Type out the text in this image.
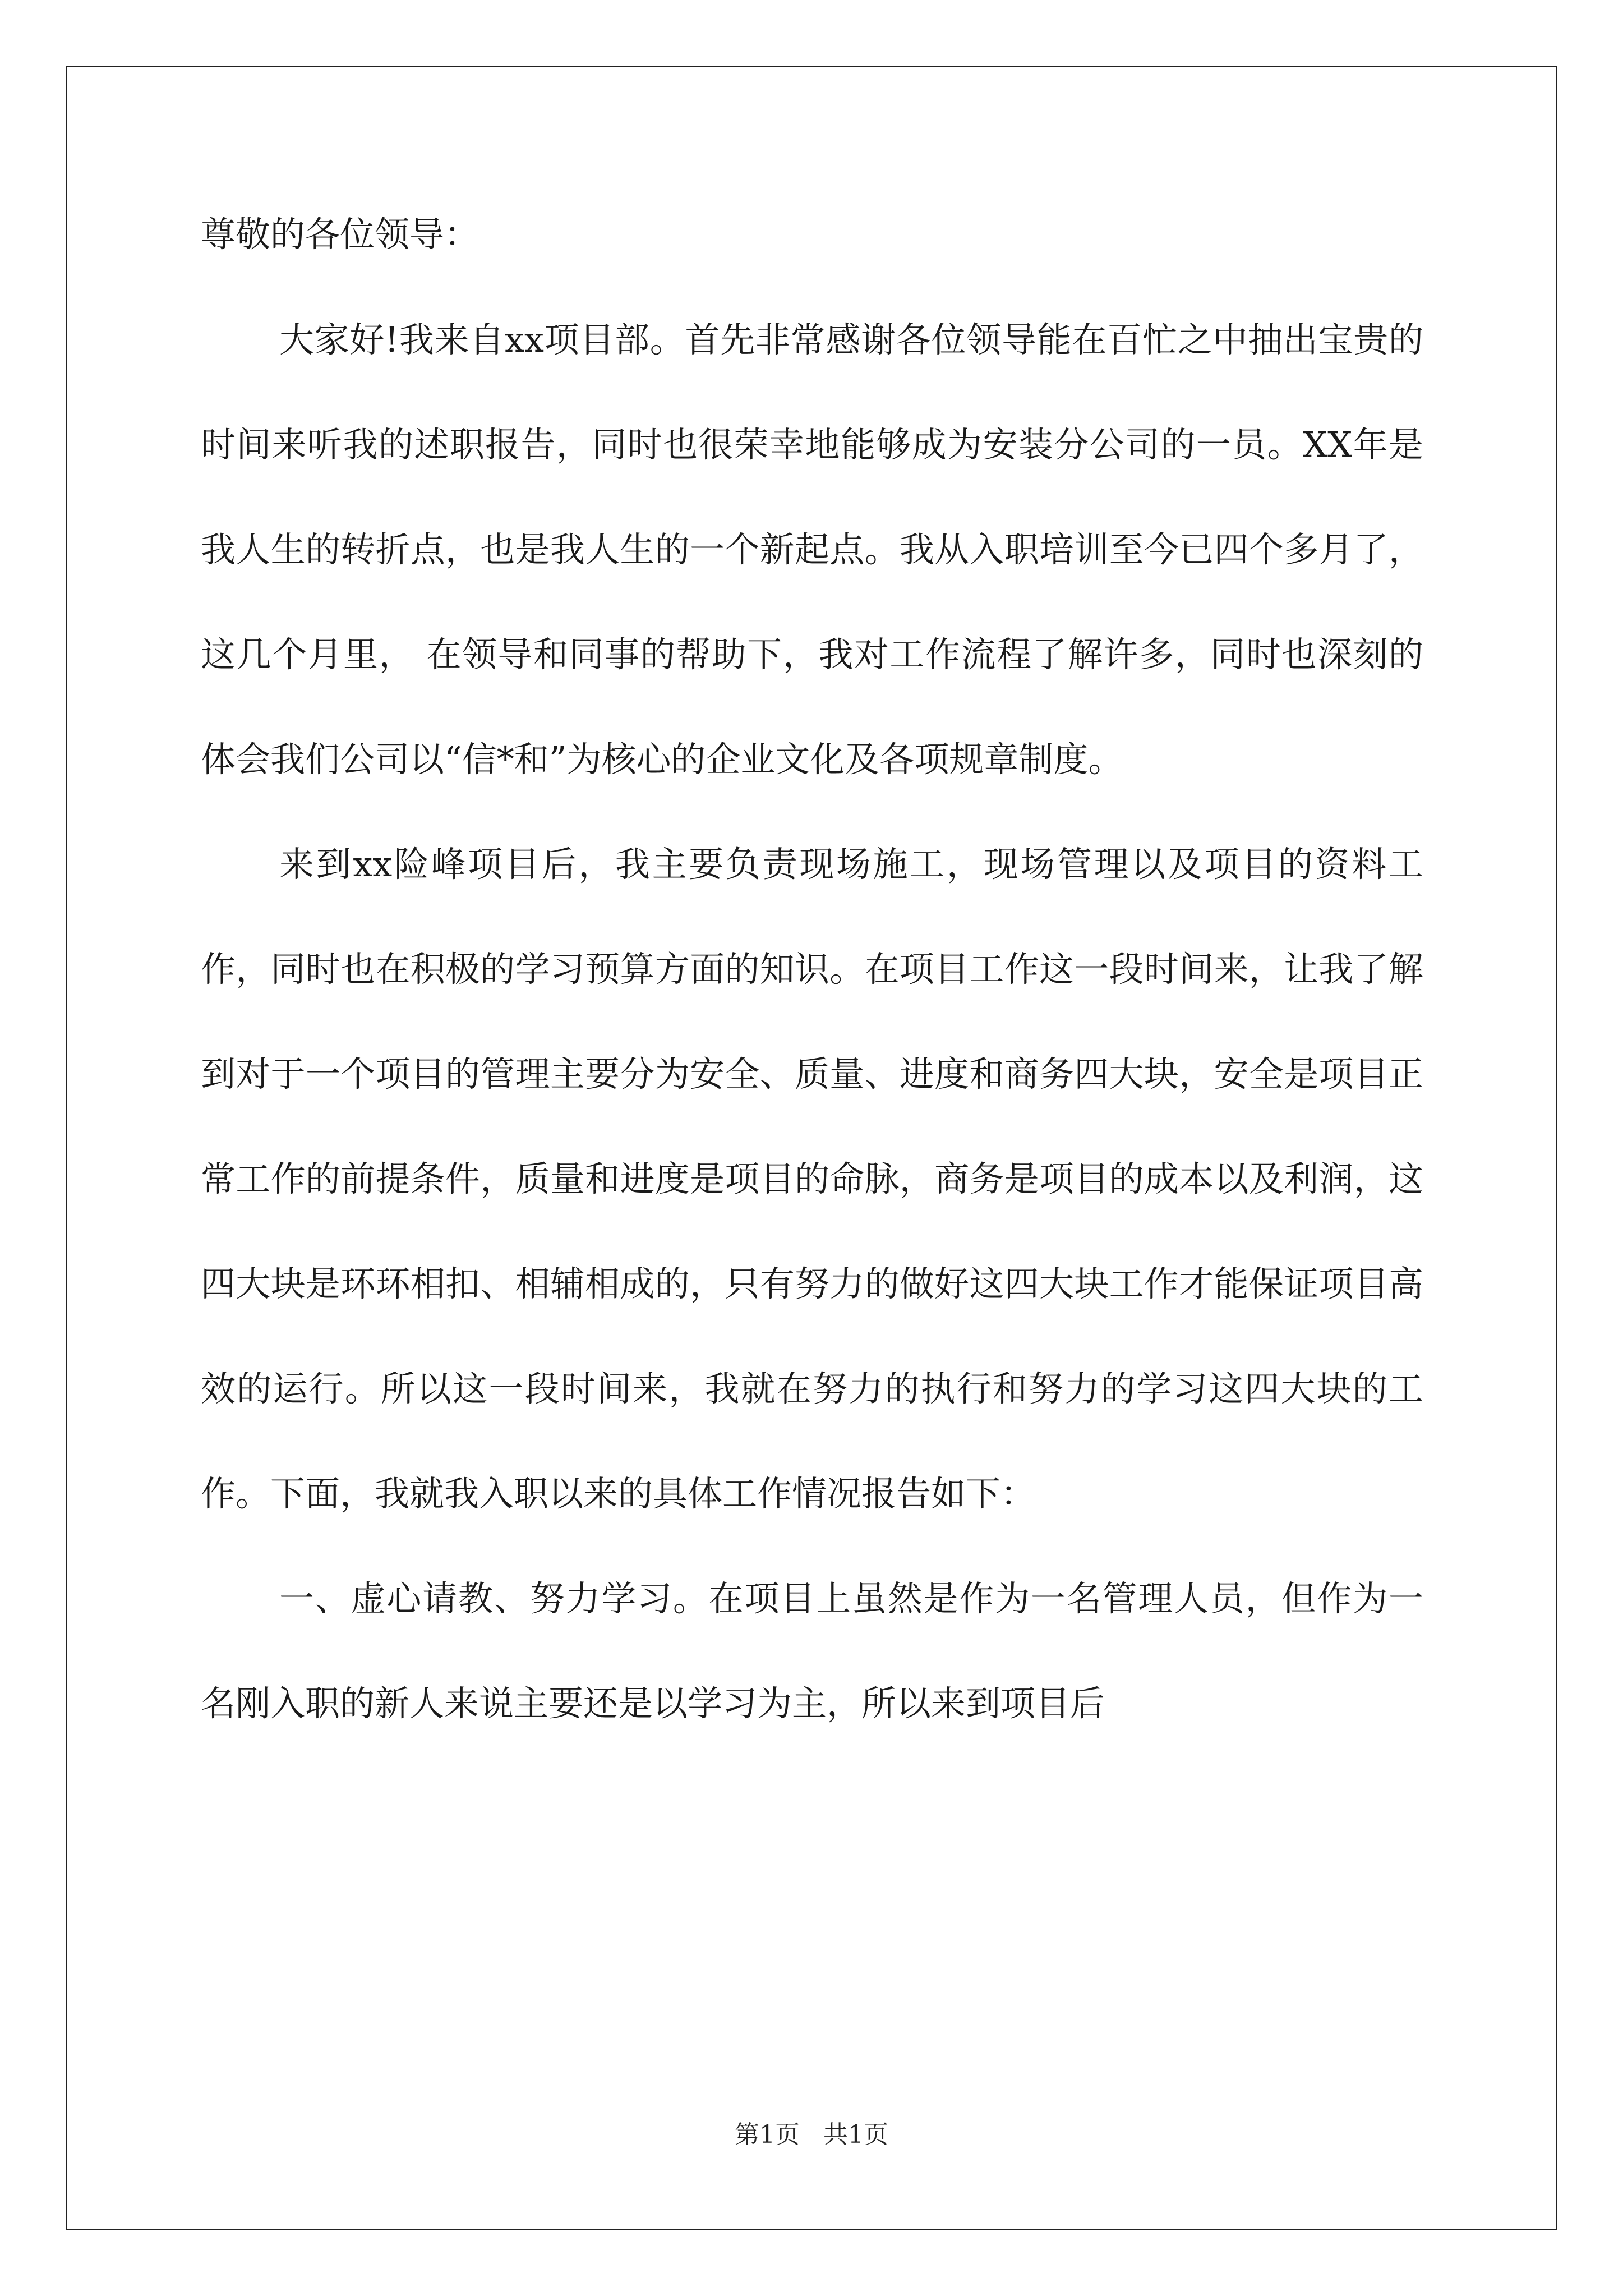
尊敬的各位领导：

大家好!我来自xx项目部。首先非常感谢各位领导能在百忙之中抽出宝贵的时间来听我的述职报告，同时也很荣幸地能够成为安装分公司的一员。XX年是我人生的转折点，也是我人生的一个新起点。我从入职培训至今已四个多月了，这几个月里， 在领导和同事的帮助下，我对工作流程了解许多，同时也深刻的体会我们公司以“信*和”为核心的企业文化及各项规章制度。

来到xx险峰项目后，我主要负责现场施工，现场管理以及项目的资料工作，同时也在积极的学习预算方面的知识。在项目工作这一段时间来，让我了解到对于一个项目的管理主要分为安全、质量、进度和商务四大块，安全是项目正常工作的前提条件，质量和进度是项目的命脉，商务是项目的成本以及利润，这四大块是环环相扣、相辅相成的，只有努力的做好这四大块工作才能保证项目高效的运行。所以这一段时间来，我就在努力的执行和努力的学习这四大块的工作。下面，我就我入职以来的具体工作情况报告如下：

一、虚心请教、努力学习。在项目上虽然是作为一名管理人员，但作为一名刚入职的新人来说主要还是以学习为主，所以来到项目后

第1页   共1页
